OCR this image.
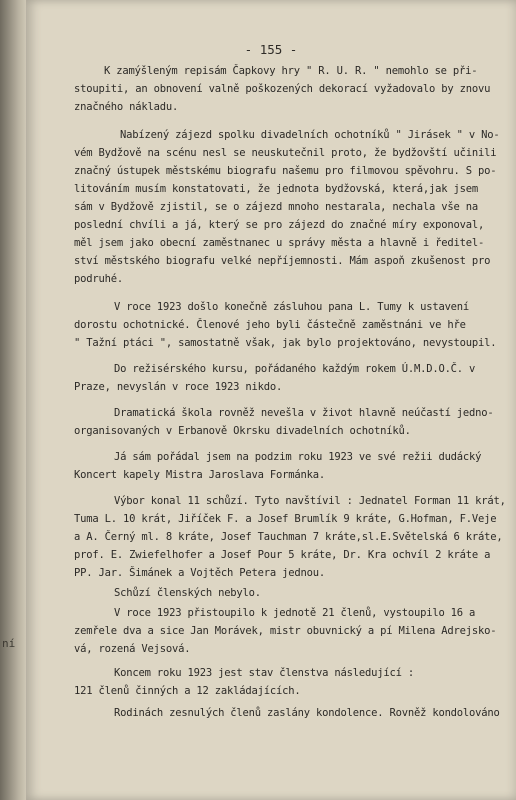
ní
- 155 -
K zamýšleným repisám Čapkovy hry " R. U. R. " nemohlo se při-
stoupiti, an obnovení valně poškozených dekorací vyžadovalo by znovu
značného nákladu.
Nabízený zájezd spolku divadelních ochotníků " Jirásek " v No-
vém Bydžově na scénu nesl se neuskutečnil proto, že bydžovští učinili
značný ústupek městskému biografu našemu pro filmovou spěvohru. S po-
litováním musím konstatovati, že jednota bydžovská, která,jak jsem
sám v Bydžově zjistil, se o zájezd mnoho nestarala, nechala vše na
poslední chvíli a já, který se pro zájezd do značné míry exponoval,
měl jsem jako obecní zaměstnanec u správy města a hlavně i ředitel-
ství městského biografu velké nepříjemnosti. Mám aspoň zkušenost pro
podruhé.
V roce 1923 došlo konečně zásluhou pana L. Tumy k ustavení
dorostu ochotnické. Členové jeho byli částečně zaměstnáni ve hře
" Tažní ptáci ", samostatně však, jak bylo projektováno, nevystoupil.
Do režisérského kursu, pořádaného každým rokem Ú.M.D.O.Č. v
Praze, nevyslán v roce 1923 nikdo.
Dramatická škola rovněž nevešla v život hlavně neúčastí jedno-
organisovaných v Erbanově Okrsku divadelních ochotníků.
Já sám pořádal jsem na podzim roku 1923 ve své režii dudácký
Koncert kapely Mistra Jaroslava Formánka.
Výbor konal 11 schůzí. Tyto navštívil : Jednatel Forman 11 krát,
Tuma L. 10 krát, Jiříček F. a Josef Brumlík 9 kráte, G.Hofman, F.Veje
a A. Černý ml. 8 kráte, Josef Tauchman 7 kráte,sl.E.Světelská 6 kráte,
prof. E. Zwiefelhofer a Josef Pour 5 kráte, Dr. Kra ochvíl 2 kráte a
PP. Jar. Šimánek a Vojtěch Petera jednou.
Schůzí členských nebylo.
V roce 1923 přistoupilo k jednotě 21 členů, vystoupilo 16 a
zemřele dva a sice Jan Morávek, mistr obuvnický a pí Milena Adrejsko-
vá, rozená Vejsová.
Koncem roku 1923 jest stav členstva následující :
121 členů činných a 12 zakládajících.
Rodinách zesnulých členů zaslány kondolence. Rovněž kondolováno
